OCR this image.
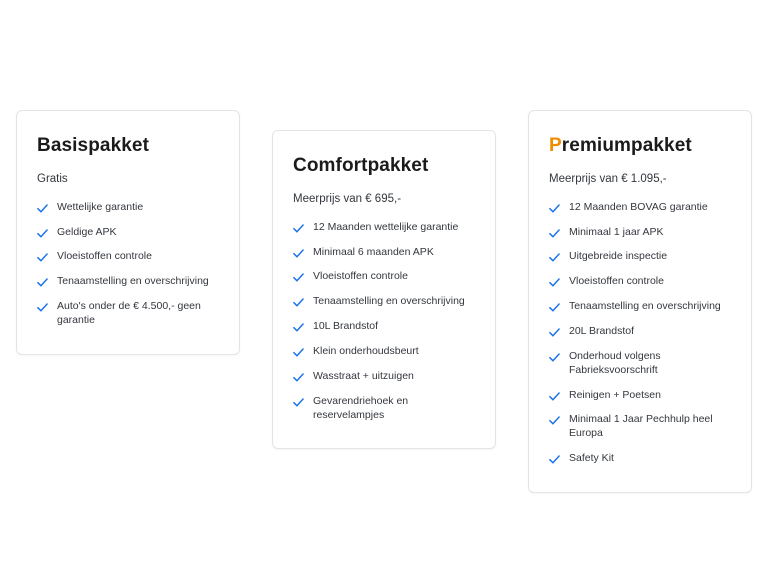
Basispakket

Gratis

Wettelijke garantie
Geldige APK
Vloeistoffen controle
Tenaamstelling en overschrijving
Auto's onder de € 4.500,- geen garantie
Comfortpakket

Meerprijs van € 695,-

12 Maanden wettelijke garantie
Minimaal 6 maanden APK
Vloeistoffen controle
Tenaamstelling en overschrijving
10L Brandstof
Klein onderhoudsbeurt
Wasstraat + uitzuigen
Gevarendriehoek en reservelampjes
Premiumpakket

Meerprijs van € 1.095,-

12 Maanden BOVAG garantie
Minimaal 1 jaar APK
Uitgebreide inspectie
Vloeistoffen controle
Tenaamstelling en overschrijving
20L Brandstof
Onderhoud volgens Fabrieksvoorschrift
Reinigen + Poetsen
Minimaal 1 Jaar Pechhulp heel Europa
Safety Kit
